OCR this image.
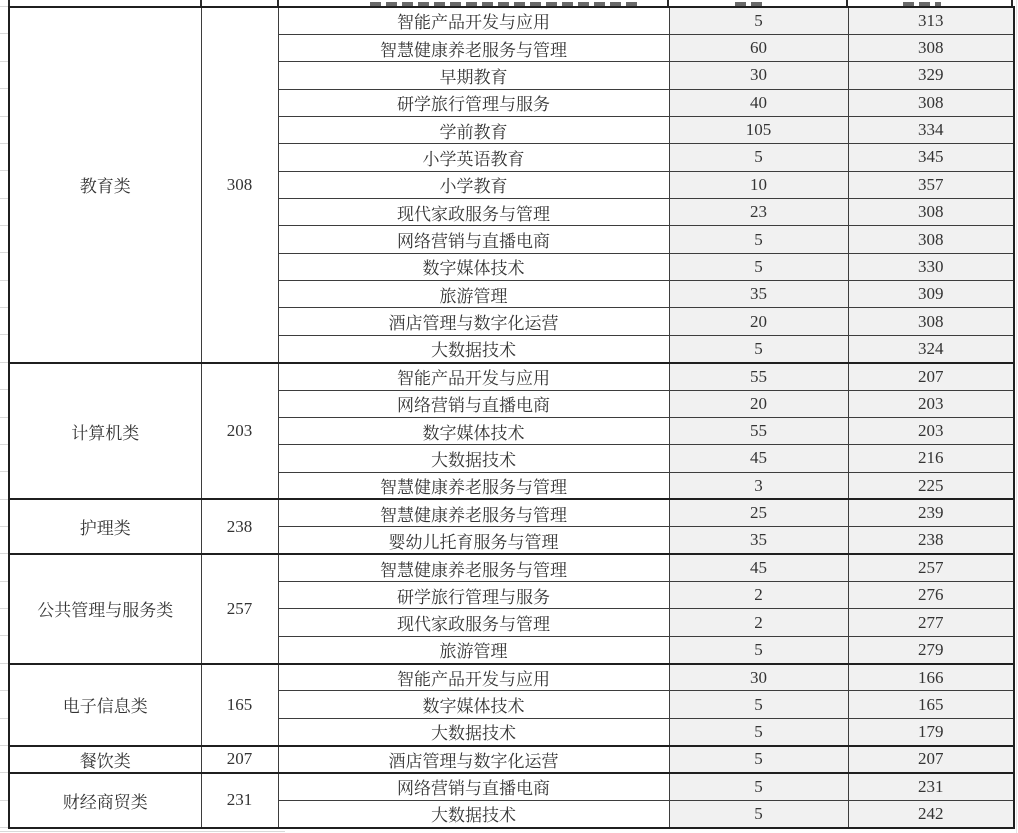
教育类	308	智能产品开发与应用	5	313
		智慧健康养老服务与管理	60	308
		早期教育	30	329
		研学旅行管理与服务	40	308
		学前教育	105	334
		小学英语教育	5	345
		小学教育	10	357
		现代家政服务与管理	23	308
		网络营销与直播电商	5	308
		数字媒体技术	5	330
		旅游管理	35	309
		酒店管理与数字化运营	20	308
		大数据技术	5	324
计算机类	203	智能产品开发与应用	55	207
		网络营销与直播电商	20	203
		数字媒体技术	55	203
		大数据技术	45	216
		智慧健康养老服务与管理	3	225
护理类	238	智慧健康养老服务与管理	25	239
		婴幼儿托育服务与管理	35	238
公共管理与服务类	257	智慧健康养老服务与管理	45	257
		研学旅行管理与服务	2	276
		现代家政服务与管理	2	277
		旅游管理	5	279
电子信息类	165	智能产品开发与应用	30	166
		数字媒体技术	5	165
		大数据技术	5	179
餐饮类	207	酒店管理与数字化运营	5	207
财经商贸类	231	网络营销与直播电商	5	231
		大数据技术	5	242
